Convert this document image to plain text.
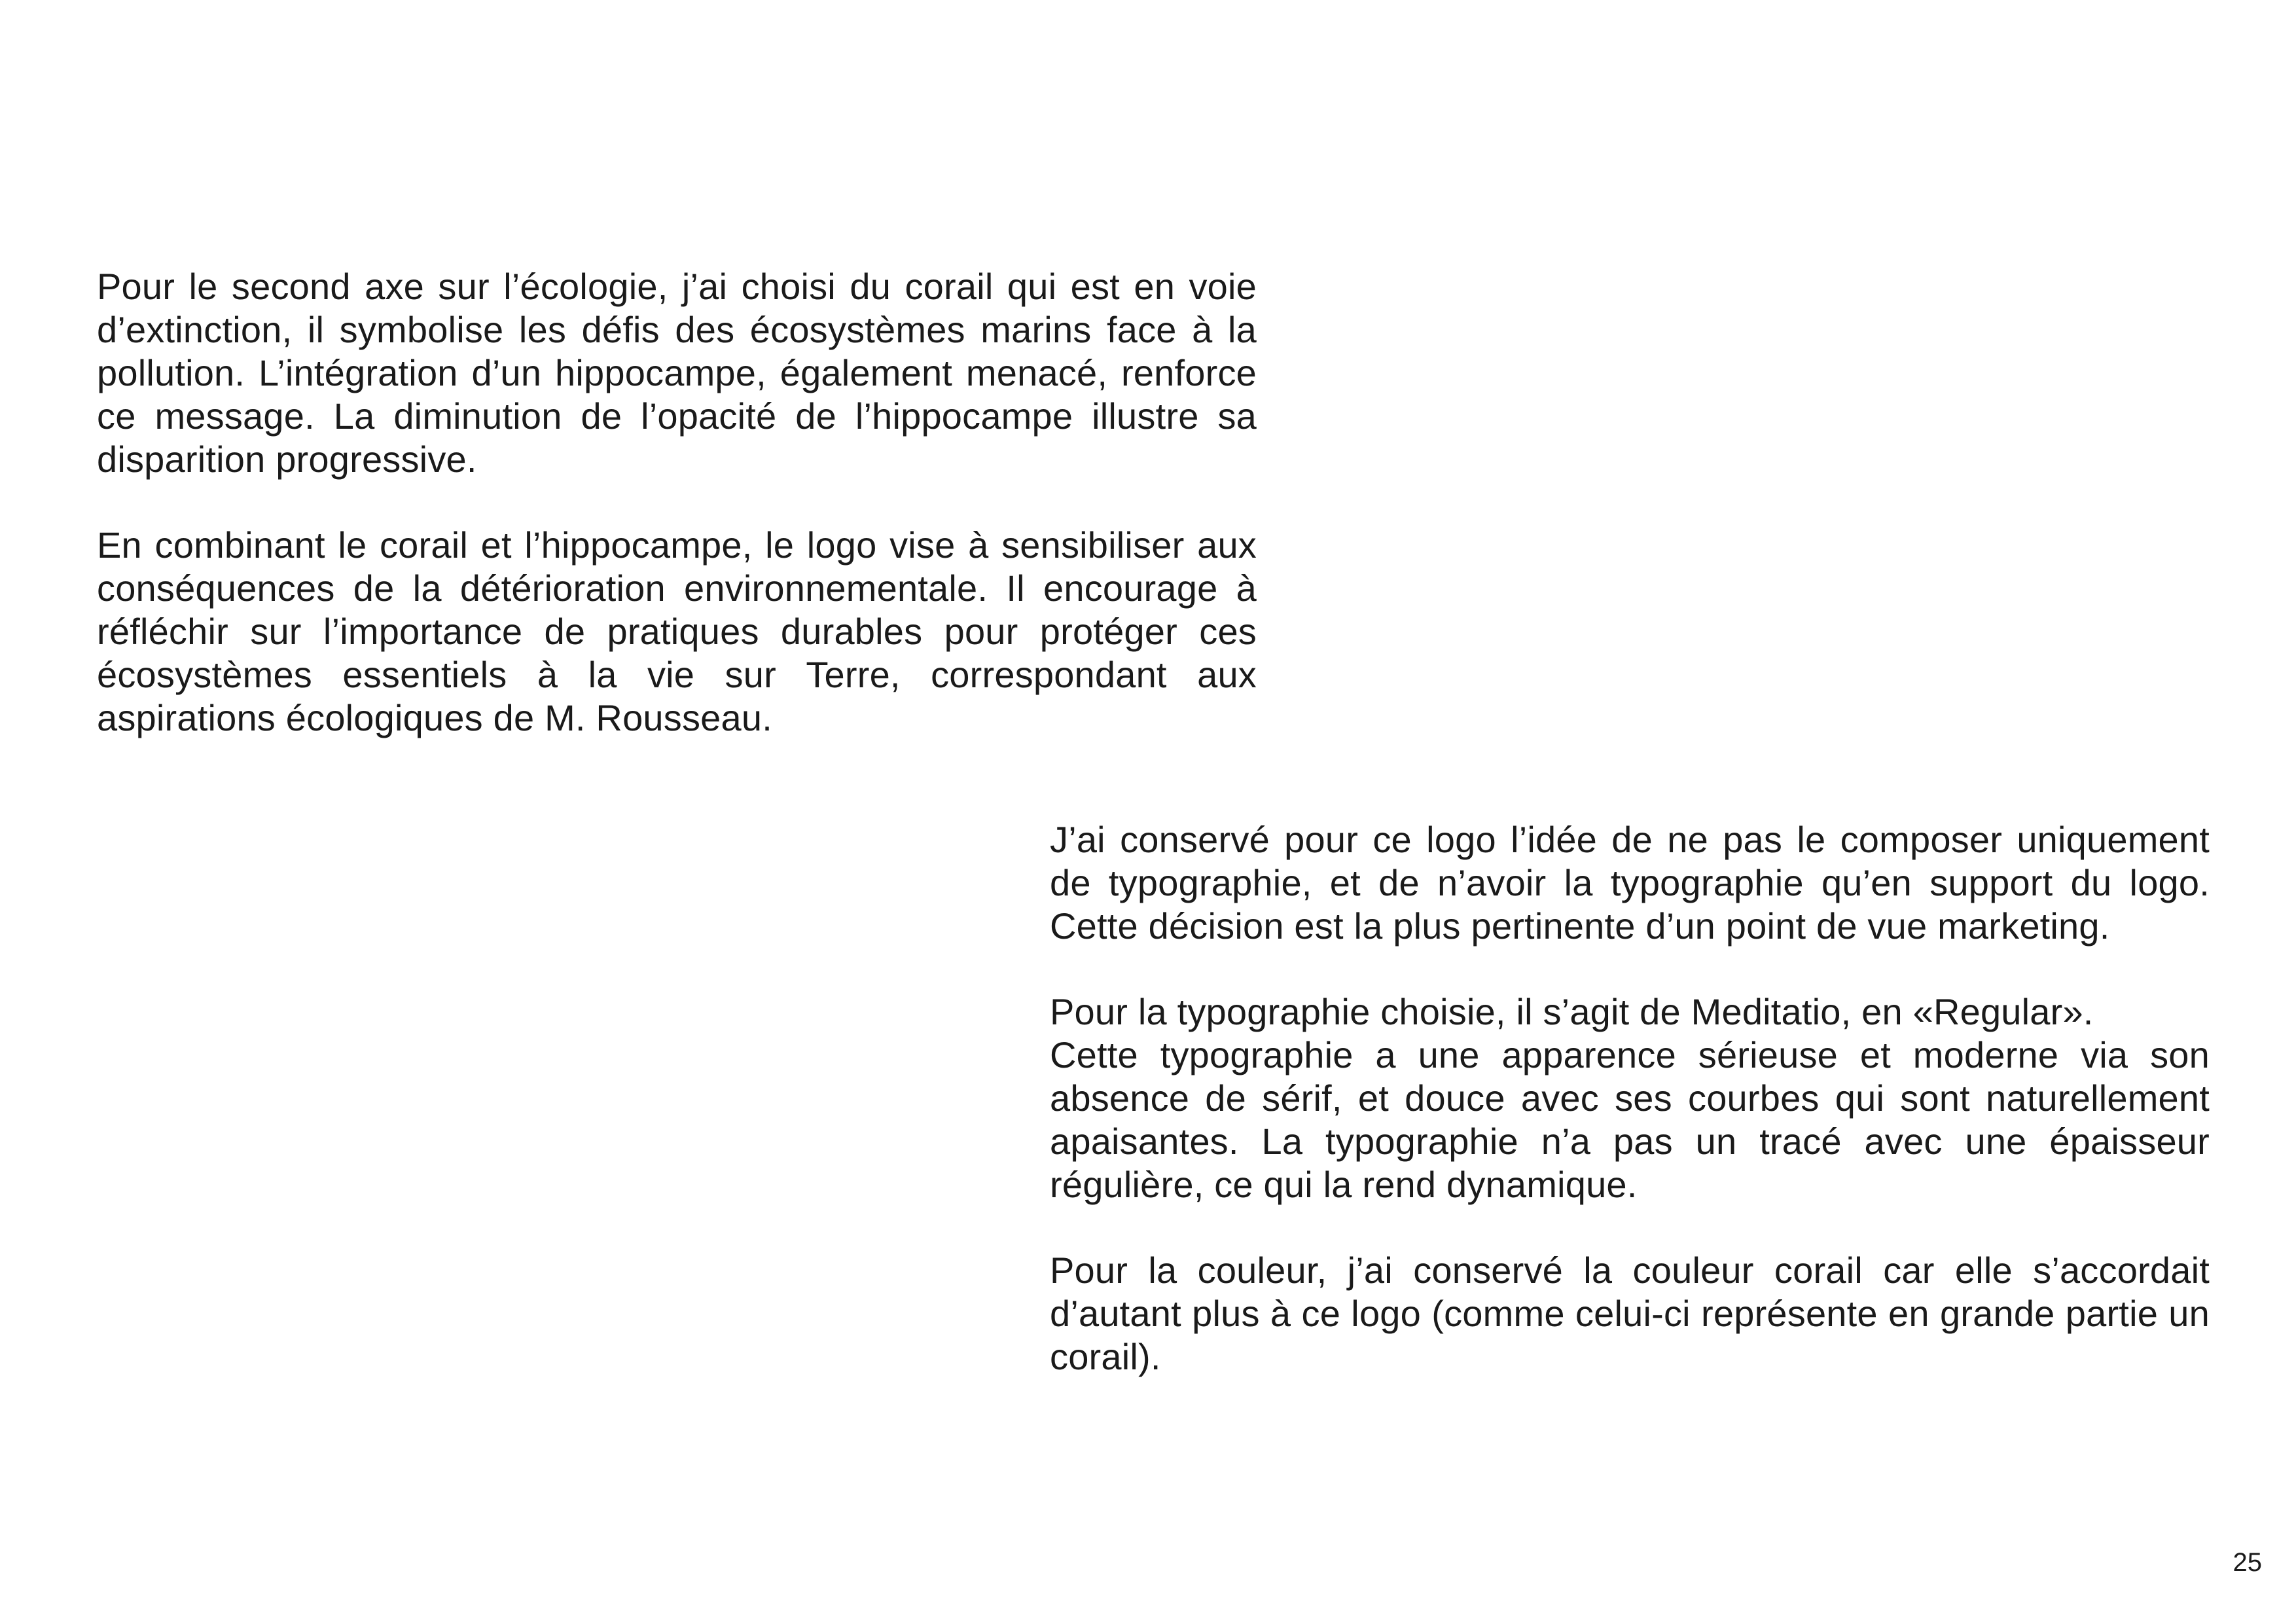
Pour le second axe sur l’écologie, j’ai choisi du corail qui est en voie d’extinction, il symbolise les défis des écosystèmes marins face à la pollution. L’intégration d’un hippocampe, également menacé, renforce ce message. La diminution de l’opacité de l’hippocampe illustre sa disparition progressive.

En combinant le corail et l’hippocampe, le logo vise à sensibiliser aux conséquences de la détérioration environnementale. Il encourage à réfléchir sur l’importance de pratiques durables pour protéger ces écosystèmes essentiels à la vie sur Terre, correspondant aux aspirations écologiques de M. Rousseau.

J’ai conservé pour ce logo l’idée de ne pas le composer uniquement de typographie, et de n’avoir la typographie qu’en support du logo. Cette décision est la plus pertinente d’un point de vue marketing.

Pour la typographie choisie, il s’agit de Meditatio, en «Regular».

Cette typographie a une apparence sérieuse et moderne via son absence de sérif, et douce avec ses courbes qui sont naturellement apaisantes. La typographie n’a pas un tracé avec une épaisseur régulière, ce qui la rend dynamique.

Pour la couleur, j’ai conservé la couleur corail car elle s’accordait d’autant plus à ce logo (comme celui-ci représente en grande partie un corail).

25
